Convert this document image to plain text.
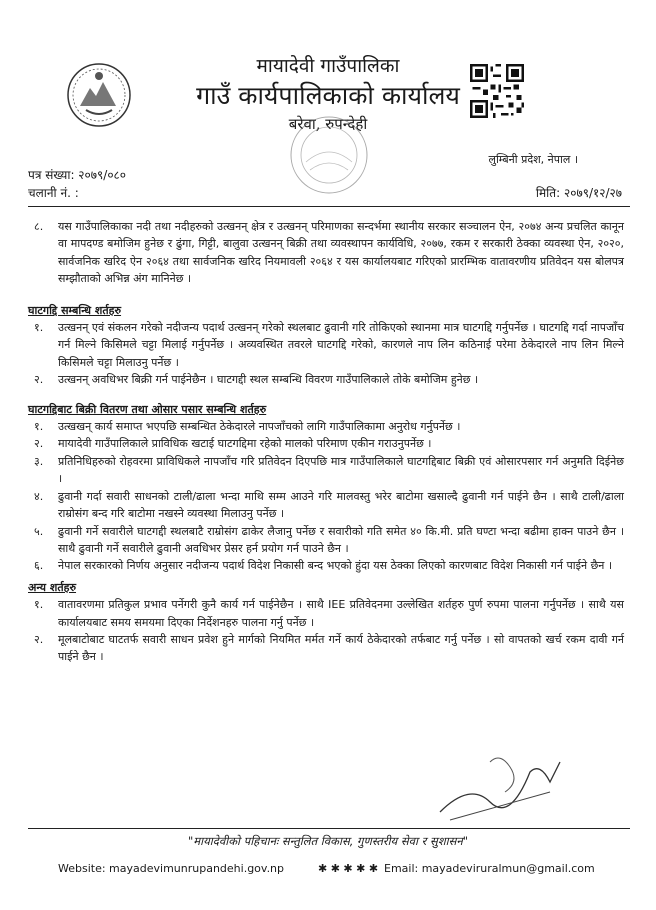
मायादेवी गाउँपालिका
गाउँ कार्यपालिकाको कार्यालय
बरेवा, रुपन्देही
लुम्बिनी प्रदेश, नेपाल ।
पत्र संख्या: २०७९/०८०
चलानी नं. :	मिति: २०७९/१२/२७
८. यस गाउँपालिकाका नदी तथा नदीहरुको उत्खनन् क्षेत्र र उत्खनन् परिमाणका सन्दर्भमा स्थानीय सरकार सञ्चालन ऐन, २०७४ अन्य प्रचलित कानून वा मापदण्ड बमोजिम हुनेछ र ढुंगा, गिट्टी, बालुवा उत्खनन् बिक्री तथा व्यवस्थापन कार्यविधि, २०७७, रकम र सरकारी ठेक्का व्यवस्था ऐन, २०२०, सार्वजनिक खरिद ऐन २०६४ तथा सार्वजनिक खरिद नियमावली २०६४ र यस कार्यालयबाट गरिएको प्रारम्भिक वातावरणीय प्रतिवेदन यस बोलपत्र सम्झौताको अभिन्न अंग मानिनेछ ।

घाटगद्दि सम्बन्धि शर्तहरु
१. उत्खनन् एवं संकलन गरेको नदीजन्य पदार्थ उत्खनन् गरेको स्थलबाट ढुवानी गरि तोकिएको स्थानमा मात्र घाटगद्दि गर्नुपर्नेछ । घाटगद्दि गर्दा नापजाँच गर्न मिल्ने किसिमले चट्टा मिलाई गर्नुपर्नेछ । अव्यवस्थित तवरले घाटगद्दि गरेको, कारणले नाप लिन कठिनाई परेमा ठेकेदारले नाप लिन मिल्ने किसिमले चट्टा मिलाउनु पर्नेछ ।

२. उत्खनन् अवधिभर बिक्री गर्न पाईनेछैन । घाटगद्दी स्थल सम्बन्धि विवरण गाउँपालिकाले तोके बमोजिम हुनेछ ।

घाटगद्दिबाट बिक्री वितरण तथा ओसार पसार सम्बन्धि शर्तहरु
१. उत्खखन् कार्य समाप्त भएपछि सम्बन्धित ठेकेदारले नापजाँचको लागि गाउँपालिकामा अनुरोध गर्नुपर्नेछ ।

२. मायादेवी गाउँपालिकाले प्राविधिक खटाई घाटगद्दिमा रहेको मालको परिमाण एकीन गराउनुपर्नेछ ।

३. प्रतिनिधिहरुको रोहवरमा प्राविधिकले नापजाँच गरि प्रतिवेदन दिएपछि मात्र गाउँपालिकाले घाटगद्दिबाट बिक्री एवं ओसारपसार गर्न अनुमति दिईनेछ ।

४. ढुवानी गर्दा सवारी साधनको टाली/ढाला भन्दा माथि सम्म आउने गरि मालवस्तु भरेर बाटोमा खसाल्दै ढुवानी गर्न पाईने छैन । साथै टाली/ढाला राम्रोसंग बन्द गरि बाटोमा नखस्ने व्यवस्था मिलाउनु पर्नेछ ।

५. ढुवानी गर्ने सवारीले घाटगद्दी स्थलबाटै राम्रोसंग ढाकेर लैजानु पर्नेछ र सवारीको गति समेत ४० कि.मी. प्रति घण्टा भन्दा बढीमा हाक्न पाउने छैन । साथै ढुवानी गर्ने सवारीले ढुवानी अवधिभर प्रेसर हर्न प्रयोग गर्न पाउने छैन ।

६. नेपाल सरकारको निर्णय अनुसार नदीजन्य पदार्थ विदेश निकासी बन्द भएको हुंदा यस ठेक्का लिएको कारणबाट विदेश निकासी गर्न पाईने छैन ।

अन्य शर्तहरु
१. वातावरणमा प्रतिकुल प्रभाव पर्नेगरी कुनै कार्य गर्न पाईनेछैन । साथै IEE प्रतिवेदनमा उल्लेखित शर्तहरु पुर्ण रुपमा पालना गर्नुपर्नेछ । साथै यस कार्यालयबाट समय समयमा दिएका निर्देशनहरु पालना गर्नु पर्नेछ ।

२. मूलबाटोबाट घाटतर्फ सवारी साधन प्रवेश हुने मार्गको नियमित मर्मत गर्ने कार्य ठेकेदारको तर्फबाट गर्नु पर्नेछ । सो वापतको खर्च रकम दावी गर्न पाईने छैन ।

"मायादेवीको पहिचानः सन्तुलित विकास, गुणस्तरीय सेवा र सुशासन"
Website: mayadevimunrupandehi.gov.np	✱ ✱ ✱ ✱ ✱ Email: mayadeviruralmun@gmail.com
